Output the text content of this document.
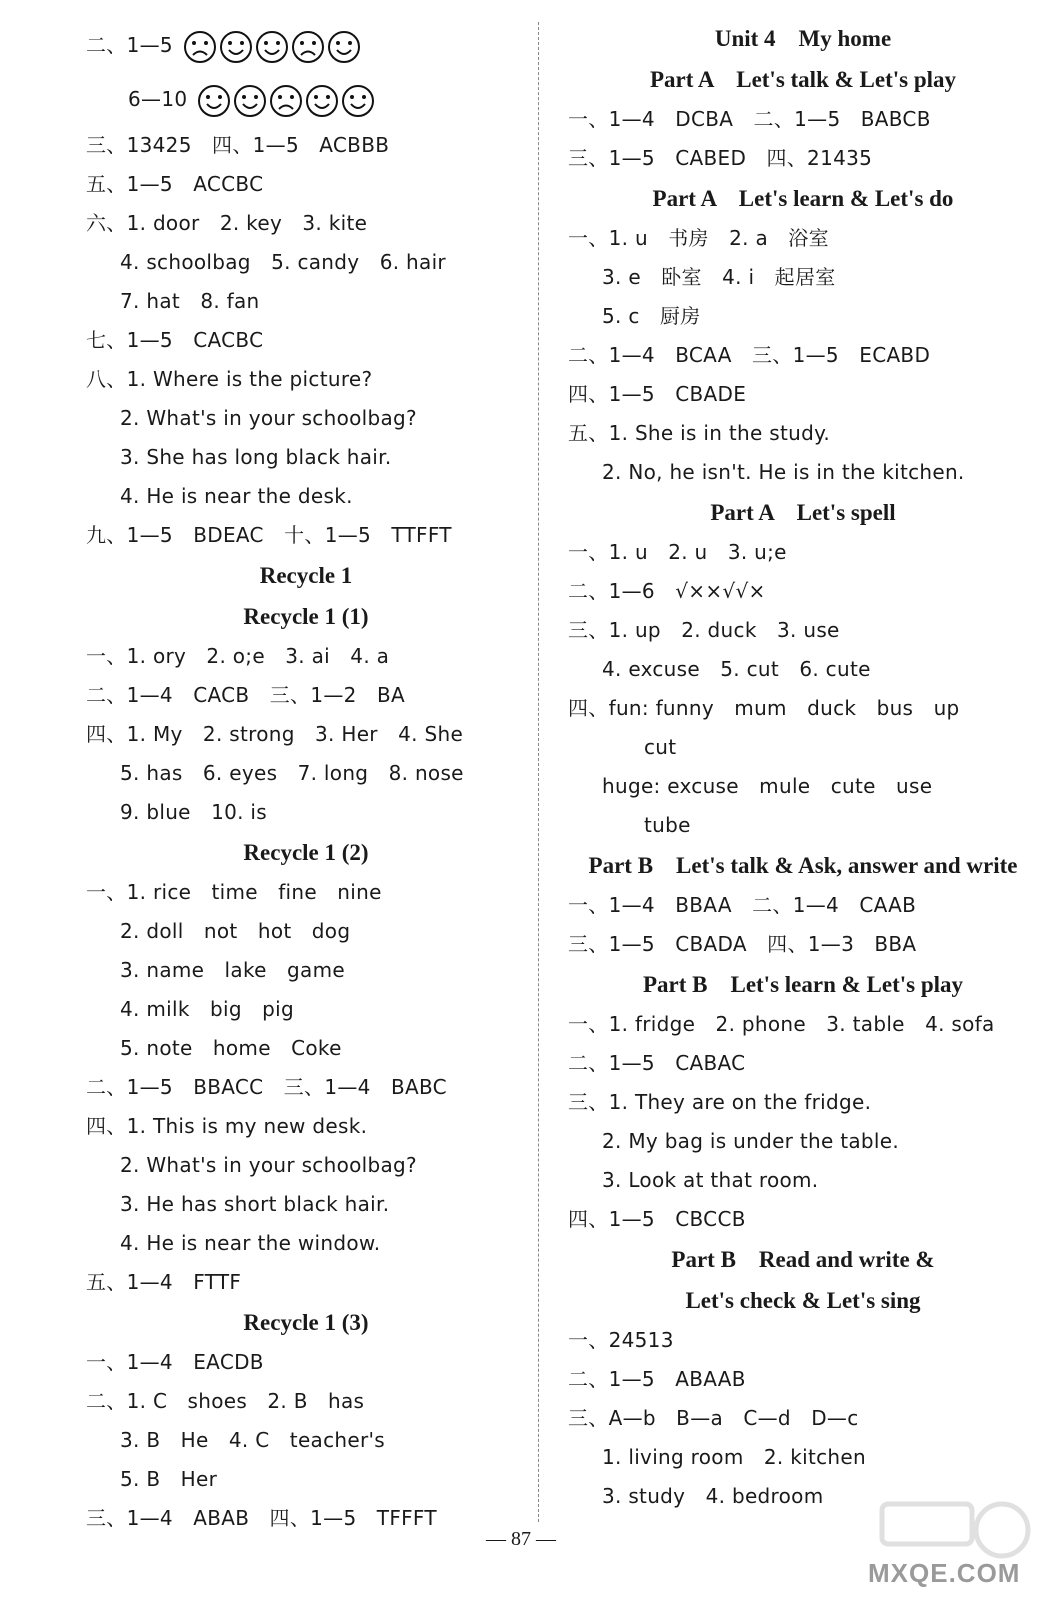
二、1—5
6—10
三、13425　四、1—5　ACBBB
五、1—5　ACCBC
六、1. door　2. key　3. kite
4. schoolbag　5. candy　6. hair
7. hat　8. fan
七、1—5　CACBC
八、1. Where is the picture?
2. What's in your schoolbag?
3. She has long black hair.
4. He is near the desk.
九、1—5　BDEAC　十、1—5　TTFFT
Recycle 1
Recycle 1 (1)
一、1. ory　2. o;e　3. ai　4. a
二、1—4　CACB　三、1—2　BA
四、1. My　2. strong　3. Her　4. She
5. has　6. eyes　7. long　8. nose
9. blue　10. is
Recycle 1 (2)
一、1. rice　time　fine　nine
2. doll　not　hot　dog
3. name　lake　game
4. milk　big　pig
5. note　home　Coke
二、1—5　BBACC　三、1—4　BABC
四、1. This is my new desk.
2. What's in your schoolbag?
3. He has short black hair.
4. He is near the window.
五、1—4　FTTF
Recycle 1 (3)
一、1—4　EACDB
二、1. C　shoes　2. B　has
3. B　He　4. C　teacher's
5. B　Her
三、1—4　ABAB　四、1—5　TFFFT
Unit 4　My home
Part A　Let's talk & Let's play
一、1—4　DCBA　二、1—5　BABCB
三、1—5　CABED　四、21435
Part A　Let's learn & Let's do
一、1. u　书房　2. a　浴室
3. e　卧室　4. i　起居室
5. c　厨房
二、1—4　BCAA　三、1—5　ECABD
四、1—5　CBADE
五、1. She is in the study.
2. No, he isn't. He is in the kitchen.
Part A　Let's spell
一、1. u　2. u　3. u;e
二、1—6　√××√√×
三、1. up　2. duck　3. use
4. excuse　5. cut　6. cute
四、fun: funny　mum　duck　bus　up
cut
huge: excuse　mule　cute　use
tube
Part B　Let's talk & Ask, answer and write
一、1—4　BBAA　二、1—4　CAAB
三、1—5　CBADA　四、1—3　BBA
Part B　Let's learn & Let's play
一、1. fridge　2. phone　3. table　4. sofa
二、1—5　CABAC
三、1. They are on the fridge.
2. My bag is under the table.
3. Look at that room.
四、1—5　CBCCB
Part B　Read and write &
Let's check & Let's sing
一、24513
二、1—5　ABAAB
三、A—b　B—a　C—d　D—c
1. living room　2. kitchen
3. study　4. bedroom
— 87 —
MXQE.COM
